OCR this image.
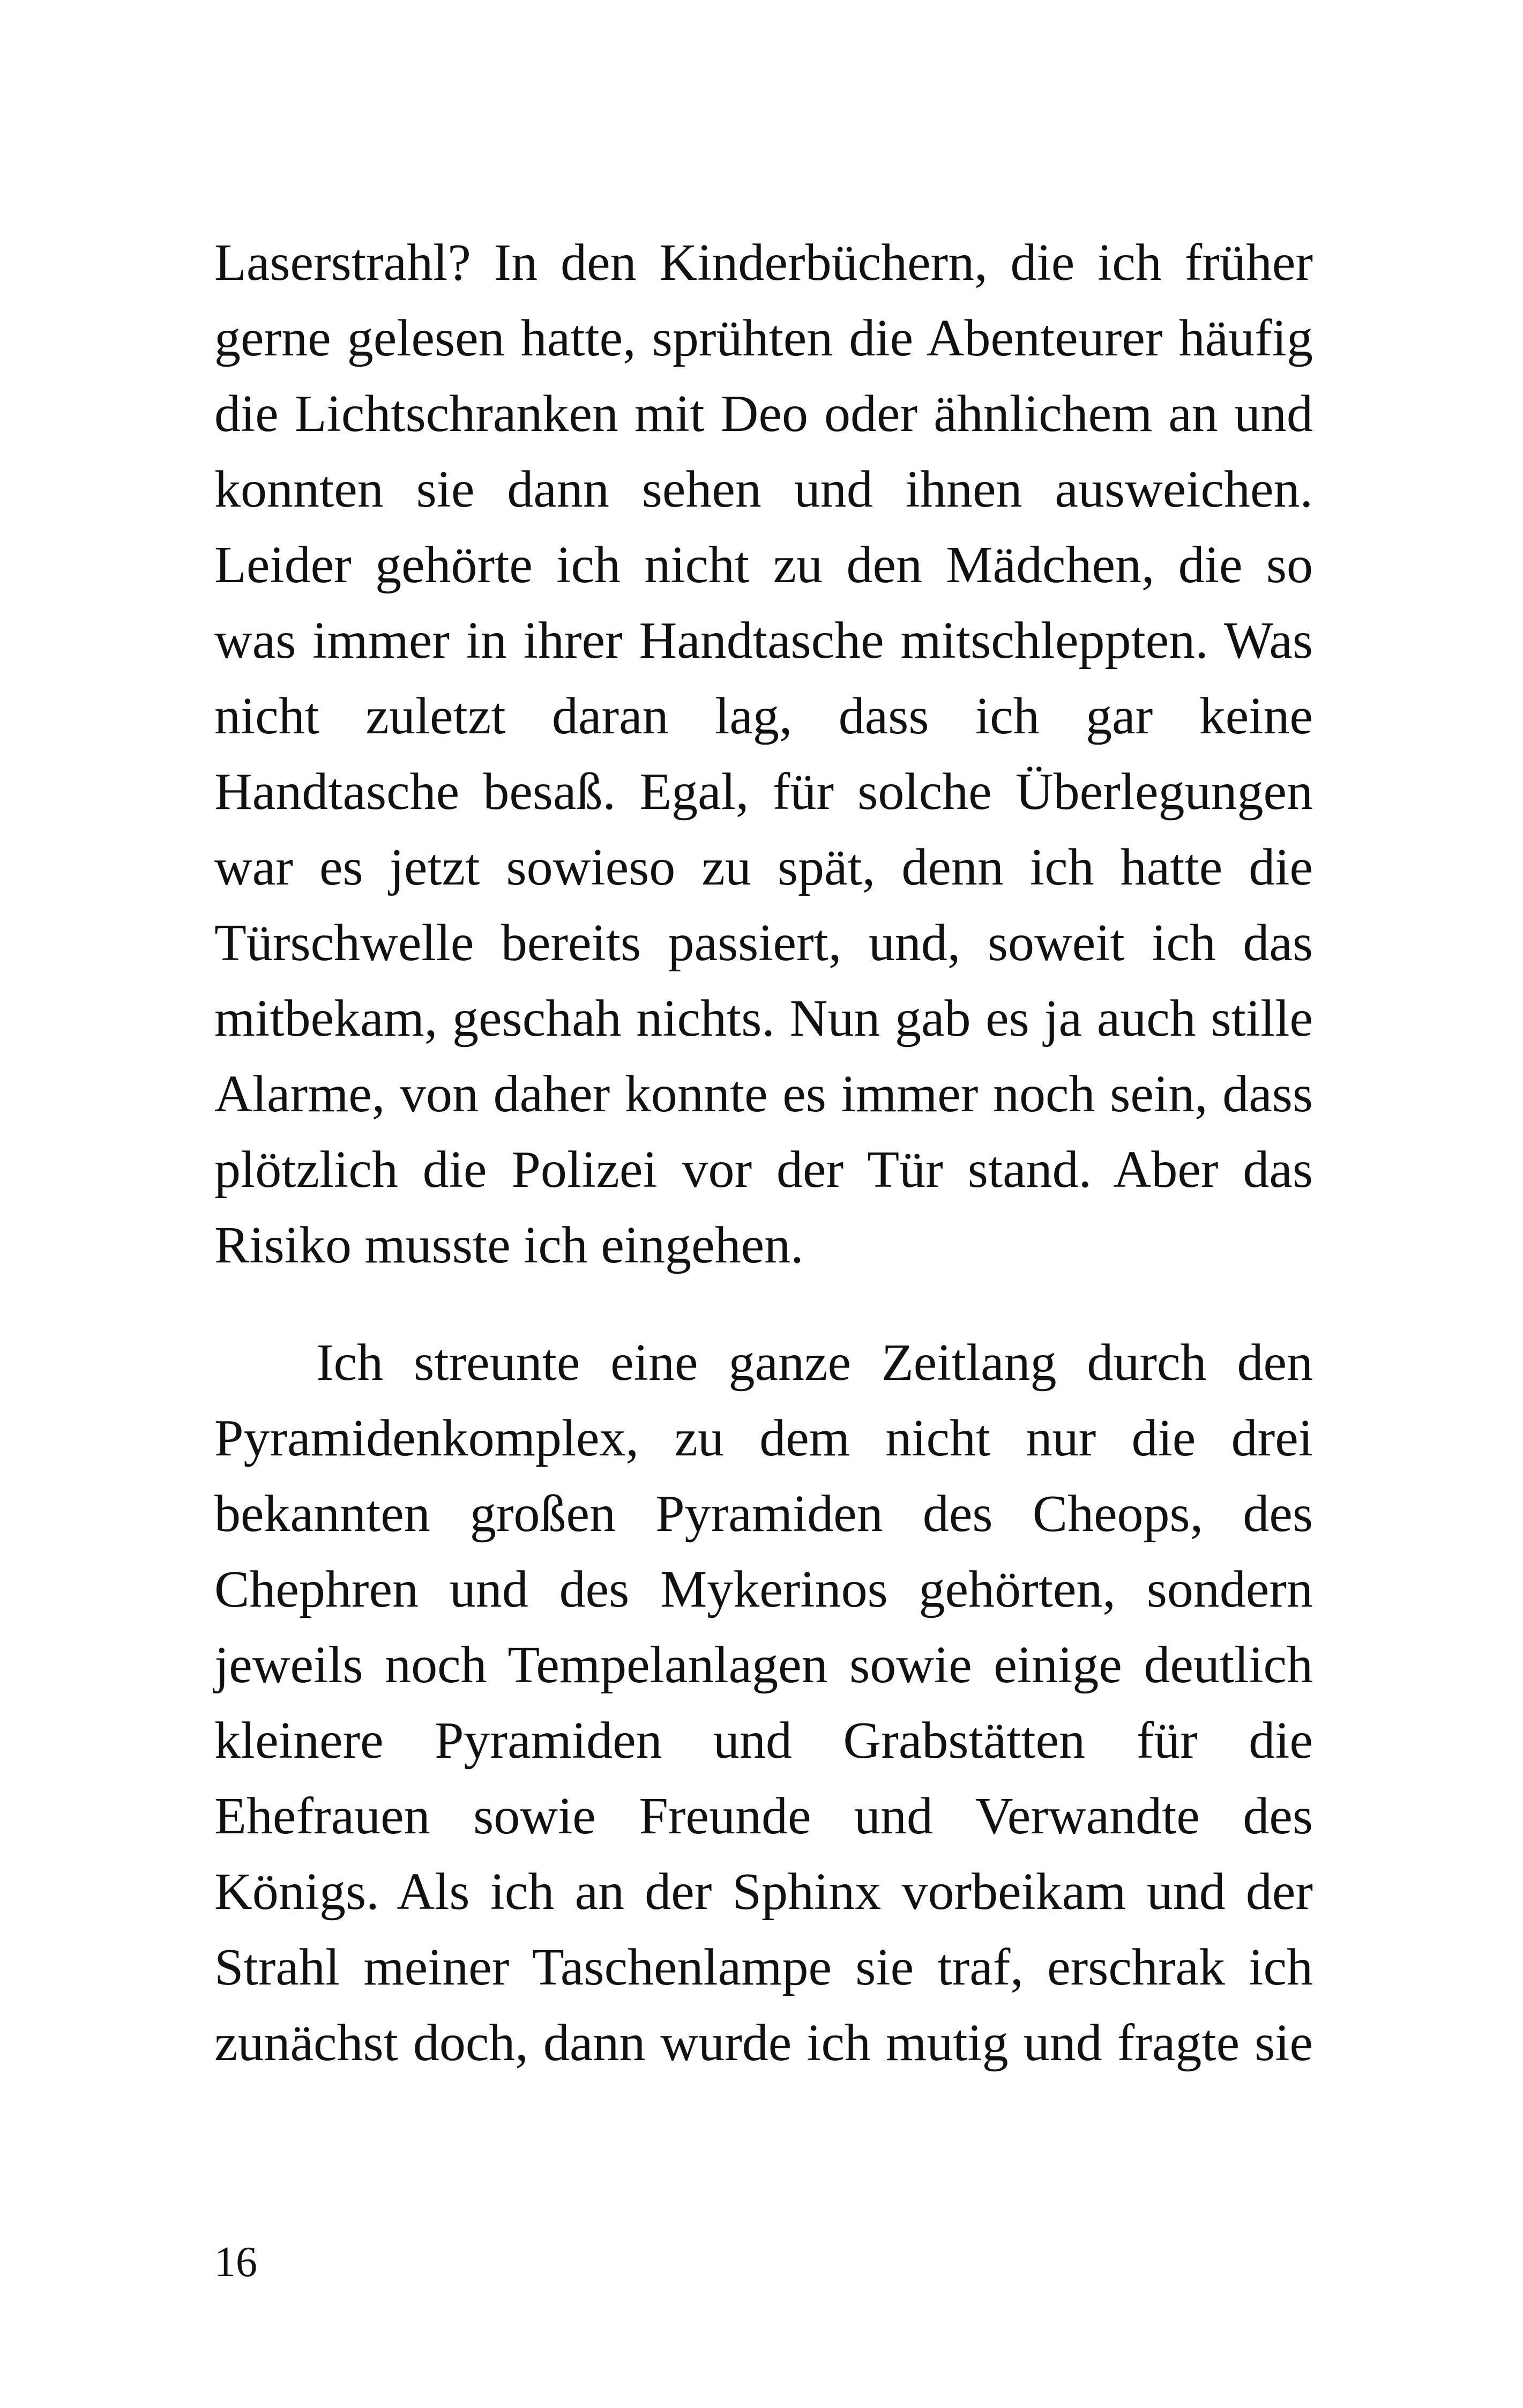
Laserstrahl? In den Kinderbüchern, die ich früher
gerne gelesen hatte, sprühten die Abenteurer häufig
die Lichtschranken mit Deo oder ähnlichem an und
konnten sie dann sehen und ihnen ausweichen.
Leider gehörte ich nicht zu den Mädchen, die so
was immer in ihrer Handtasche mitschleppten. Was
nicht zuletzt daran lag, dass ich gar keine
Handtasche besaß. Egal, für solche Überlegungen
war es jetzt sowieso zu spät, denn ich hatte die
Türschwelle bereits passiert, und, soweit ich das
mitbekam, geschah nichts. Nun gab es ja auch stille
Alarme, von daher konnte es immer noch sein, dass
plötzlich die Polizei vor der Tür stand. Aber das
Risiko musste ich eingehen.
Ich streunte eine ganze Zeitlang durch den
Pyramidenkomplex, zu dem nicht nur die drei
bekannten großen Pyramiden des Cheops, des
Chephren und des Mykerinos gehörten, sondern
jeweils noch Tempelanlagen sowie einige deutlich
kleinere Pyramiden und Grabstätten für die
Ehefrauen sowie Freunde und Verwandte des
Königs. Als ich an der Sphinx vorbeikam und der
Strahl meiner Taschenlampe sie traf, erschrak ich
zunächst doch, dann wurde ich mutig und fragte sie
16
